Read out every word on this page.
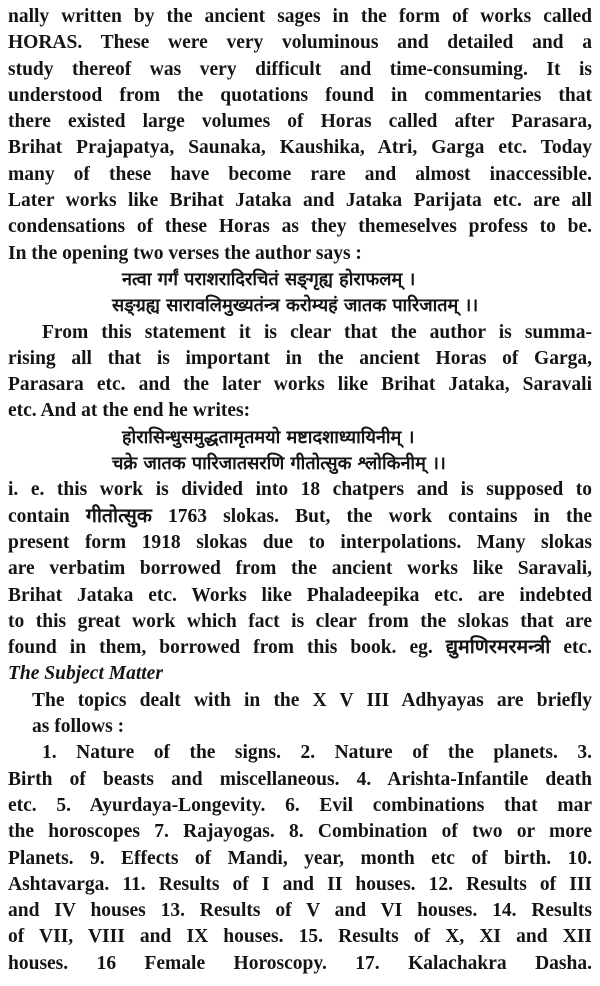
nally written by the ancient sages in the form of works called
HORAS. These were very voluminous and detailed and a
study thereof was very difficult and time-consuming. It is
understood from the quotations found in commentaries that
there existed large volumes of Horas called after Parasara,
Brihat Prajapatya, Saunaka, Kaushika, Atri, Garga etc. Today
many of these have become rare and almost inaccessible.
Later works like Brihat Jataka and Jataka Parijata etc. are all
condensations of these Horas as they themeselves profess to be.
In the opening two verses the author says :
नत्वा गर्गं पराशरादिरचितं सङ्गृह्य होराफलम् ।
सङ्ग्रह्य सारावलिमुख्यतंन्त्र करोम्यहं जातक पारिजातम् ।।
From this statement it is clear that the author is summa-
rising all that is important in the ancient Horas of Garga,
Parasara etc. and the later works like Brihat Jataka, Saravali
etc. And at the end he writes:
होरासिन्धुसमुद्धतामृतमयो मष्टादशाध्यायिनीम् ।
चक्रे जातक पारिजातसरणि गीतोत्सुक श्लोकिनीम् ।।
i. e. this work is divided into 18 chatpers and is supposed to
contain गीतोत्सुक 1763 slokas. But, the work contains in the
present form 1918 slokas due to interpolations. Many slokas
are verbatim borrowed from the ancient works like Saravali,
Brihat Jataka etc. Works like Phaladeepika etc. are indebted
to this great work which fact is clear from the slokas that are
found in them, borrowed from this book. eg. द्युमणिरमरमन्त्री etc.
The Subject Matter
The topics dealt with in the X V III Adhyayas are briefly
as follows :
1. Nature of the signs. 2. Nature of the planets. 3.
Birth of beasts and miscellaneous. 4. Arishta-Infantile death
etc. 5. Ayurdaya-Longevity. 6. Evil combinations that mar
the horoscopes 7. Rajayogas. 8. Combination of two or more
Planets. 9. Effects of Mandi, year, month etc of birth. 10.
Ashtavarga. 11. Results of I and II houses. 12. Results of III
and IV houses 13. Results of V and VI houses. 14. Results
of VII, VIII and IX houses. 15. Results of X, XI and XII
houses. 16 Female Horoscopy. 17. Kalachakra Dasha.
